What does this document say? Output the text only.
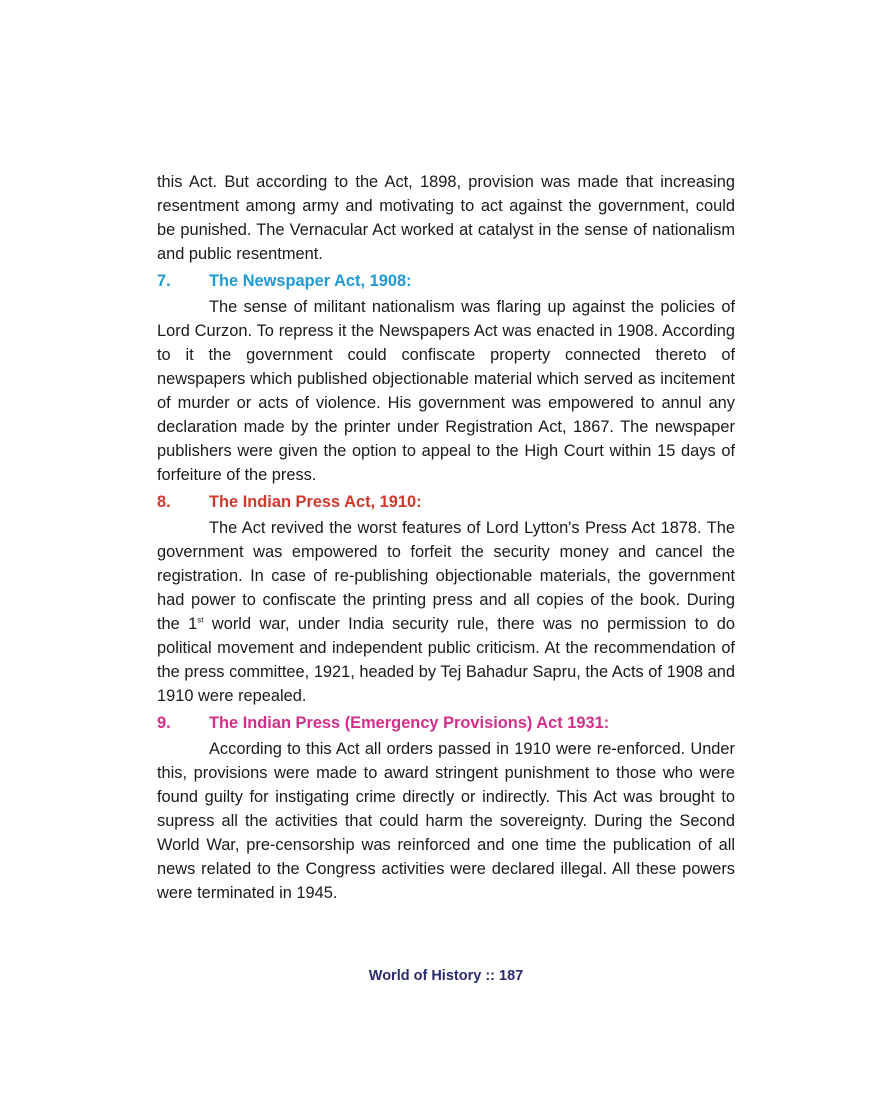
this Act. But according to the Act, 1898, provision was made that increasing resentment among army and motivating to act against the government, could be punished. The Vernacular Act worked at catalyst in the sense of nationalism and public resentment.

7.	The Newspaper Act, 1908:

The sense of militant nationalism was flaring up against the policies of Lord Curzon. To repress it the Newspapers Act was enacted in 1908. According to it the government could confiscate property connected thereto of newspapers which published objectionable material which served as incitement of murder or acts of violence. His government was empowered to annul any declaration made by the printer under Registration Act, 1867. The newspaper publishers were given the option to appeal to the High Court within 15 days of forfeiture of the press.

8.	The Indian Press Act, 1910:

The Act revived the worst features of Lord Lytton's Press Act 1878. The government was empowered to forfeit the security money and cancel the registration. In case of re-publishing objectionable materials, the government had power to confiscate the printing press and all copies of the book. During the 1st world war, under India security rule, there was no permission to do political movement and independent public criticism. At the recommendation of the press committee, 1921, headed by Tej Bahadur Sapru, the Acts of 1908 and 1910 were repealed.

9.	The Indian Press (Emergency Provisions) Act 1931:

According to this Act all orders passed in 1910 were re-enforced. Under this, provisions were made to award stringent punishment to those who were found guilty for instigating crime directly or indirectly. This Act was brought to supress all the activities that could harm the sovereignty. During the Second World War, pre-censorship was reinforced and one time the publication of all news related to the Congress activities were declared illegal. All these powers were terminated in 1945.

World of History :: 187
